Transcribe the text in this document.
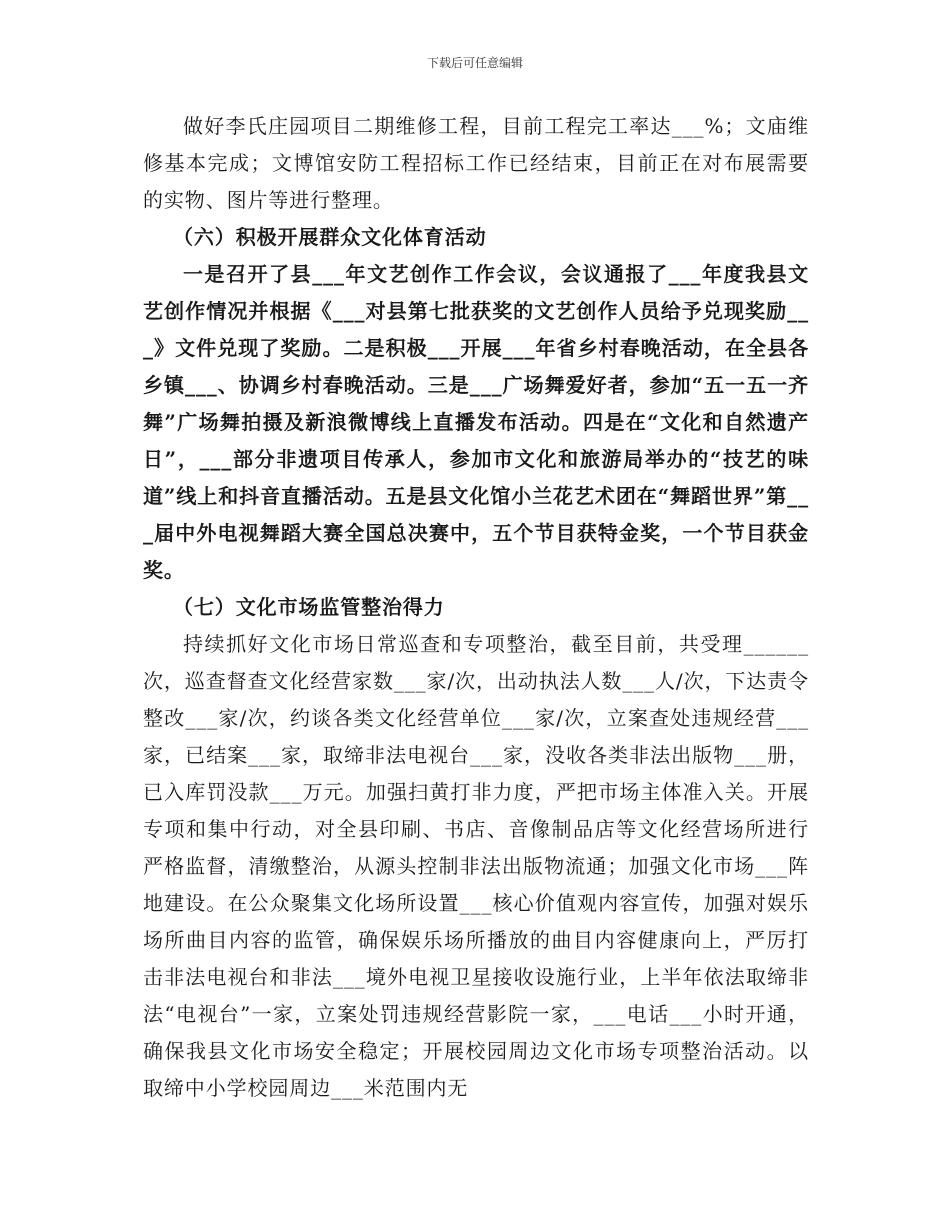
下载后可任意编辑

做好李氏庄园项目二期维修工程，目前工程完工率达___%；文庙维修基本完成；文博馆安防工程招标工作已经结束，目前正在对布展需要的实物、图片等进行整理。

（六）积极开展群众文化体育活动

一是召开了县___年文艺创作工作会议，会议通报了___年度我县文艺创作情况并根据《___对县第七批获奖的文艺创作人员给予兑现奖励___》文件兑现了奖励。二是积极___开展___年省乡村春晚活动，在全县各乡镇___、协调乡村春晚活动。三是___广场舞爱好者，参加“五一五一齐舞”广场舞拍摄及新浪微博线上直播发布活动。四是在“文化和自然遗产日”，___部分非遗项目传承人，参加市文化和旅游局举办的“技艺的味道”线上和抖音直播活动。五是县文化馆小兰花艺术团在“舞蹈世界”第___届中外电视舞蹈大赛全国总决赛中，五个节目获特金奖，一个节目获金奖。

（七）文化市场监管整治得力

持续抓好文化市场日常巡查和专项整治，截至目前，共受理______次，巡查督查文化经营家数___家/次，出动执法人数___人/次，下达责令整改___家/次，约谈各类文化经营单位___家/次，立案查处违规经营___家，已结案___家，取缔非法电视台___家，没收各类非法出版物___册，已入库罚没款___万元。加强扫黄打非力度，严把市场主体准入关。开展专项和集中行动，对全县印刷、书店、音像制品店等文化经营场所进行严格监督，清缴整治，从源头控制非法出版物流通；加强文化市场___阵地建设。在公众聚集文化场所设置___核心价值观内容宣传，加强对娱乐场所曲目内容的监管，确保娱乐场所播放的曲目内容健康向上，严厉打击非法电视台和非法___境外电视卫星接收设施行业，上半年依法取缔非法“电视台”一家，立案处罚违规经营影院一家，___电话___小时开通，确保我县文化市场安全稳定；开展校园周边文化市场专项整治活动。以取缔中小学校园周边___米范围内无
